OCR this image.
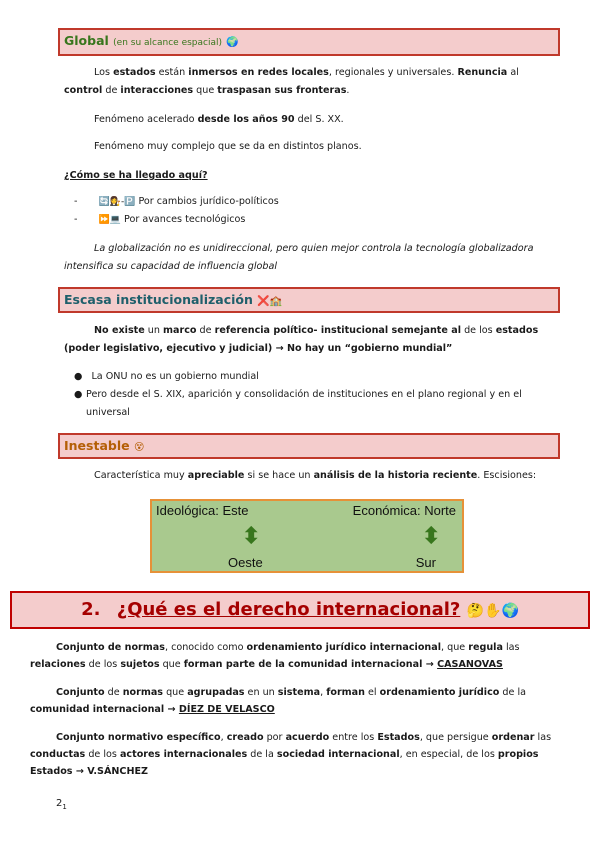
Global (en su alcance espacial) 🌍
Los estados están inmersos en redes locales, regionales y universales. Renuncia al control de interacciones que traspasan sus fronteras.
Fenómeno acelerado desde los años 90 del S. XX.
Fenómeno muy complejo que se da en distintos planos.
¿Cómo se ha llegado aquí?
- 🔄👩‍⚖️-🅿️ Por cambios jurídico-políticos
- ⏩💻 Por avances tecnológicos
La globalización no es unidireccional, pero quien mejor controla la tecnología globalizadora intensifica su capacidad de influencia global
Escasa institucionalización ❌🏫
No existe un marco de referencia político- institucional semejante al de los estados (poder legislativo, ejecutivo y judicial) → No hay un “gobierno mundial”
● La ONU no es un gobierno mundial
● Pero desde el S. XIX, aparición y consolidación de instituciones en el plano regional y en el universal
Inestable 😵
Característica muy apreciable si se hace un análisis de la historia reciente. Escisiones:
Ideológica: Este	Económica: Norte
⬍	⬍
Oeste	Sur
2. ¿Qué es el derecho internacional? 🤔✋🌍
Conjunto de normas, conocido como ordenamiento jurídico internacional, que regula las relaciones de los sujetos que forman parte de la comunidad internacional → CASANOVAS
Conjunto de normas que agrupadas en un sistema, forman el ordenamiento jurídico de la comunidad internacional → DÍEZ DE VELASCO
Conjunto normativo específico, creado por acuerdo entre los Estados, que persigue ordenar las conductas de los actores internacionales de la sociedad internacional, en especial, de los propios Estados → V.SÁNCHEZ
$2_1$
